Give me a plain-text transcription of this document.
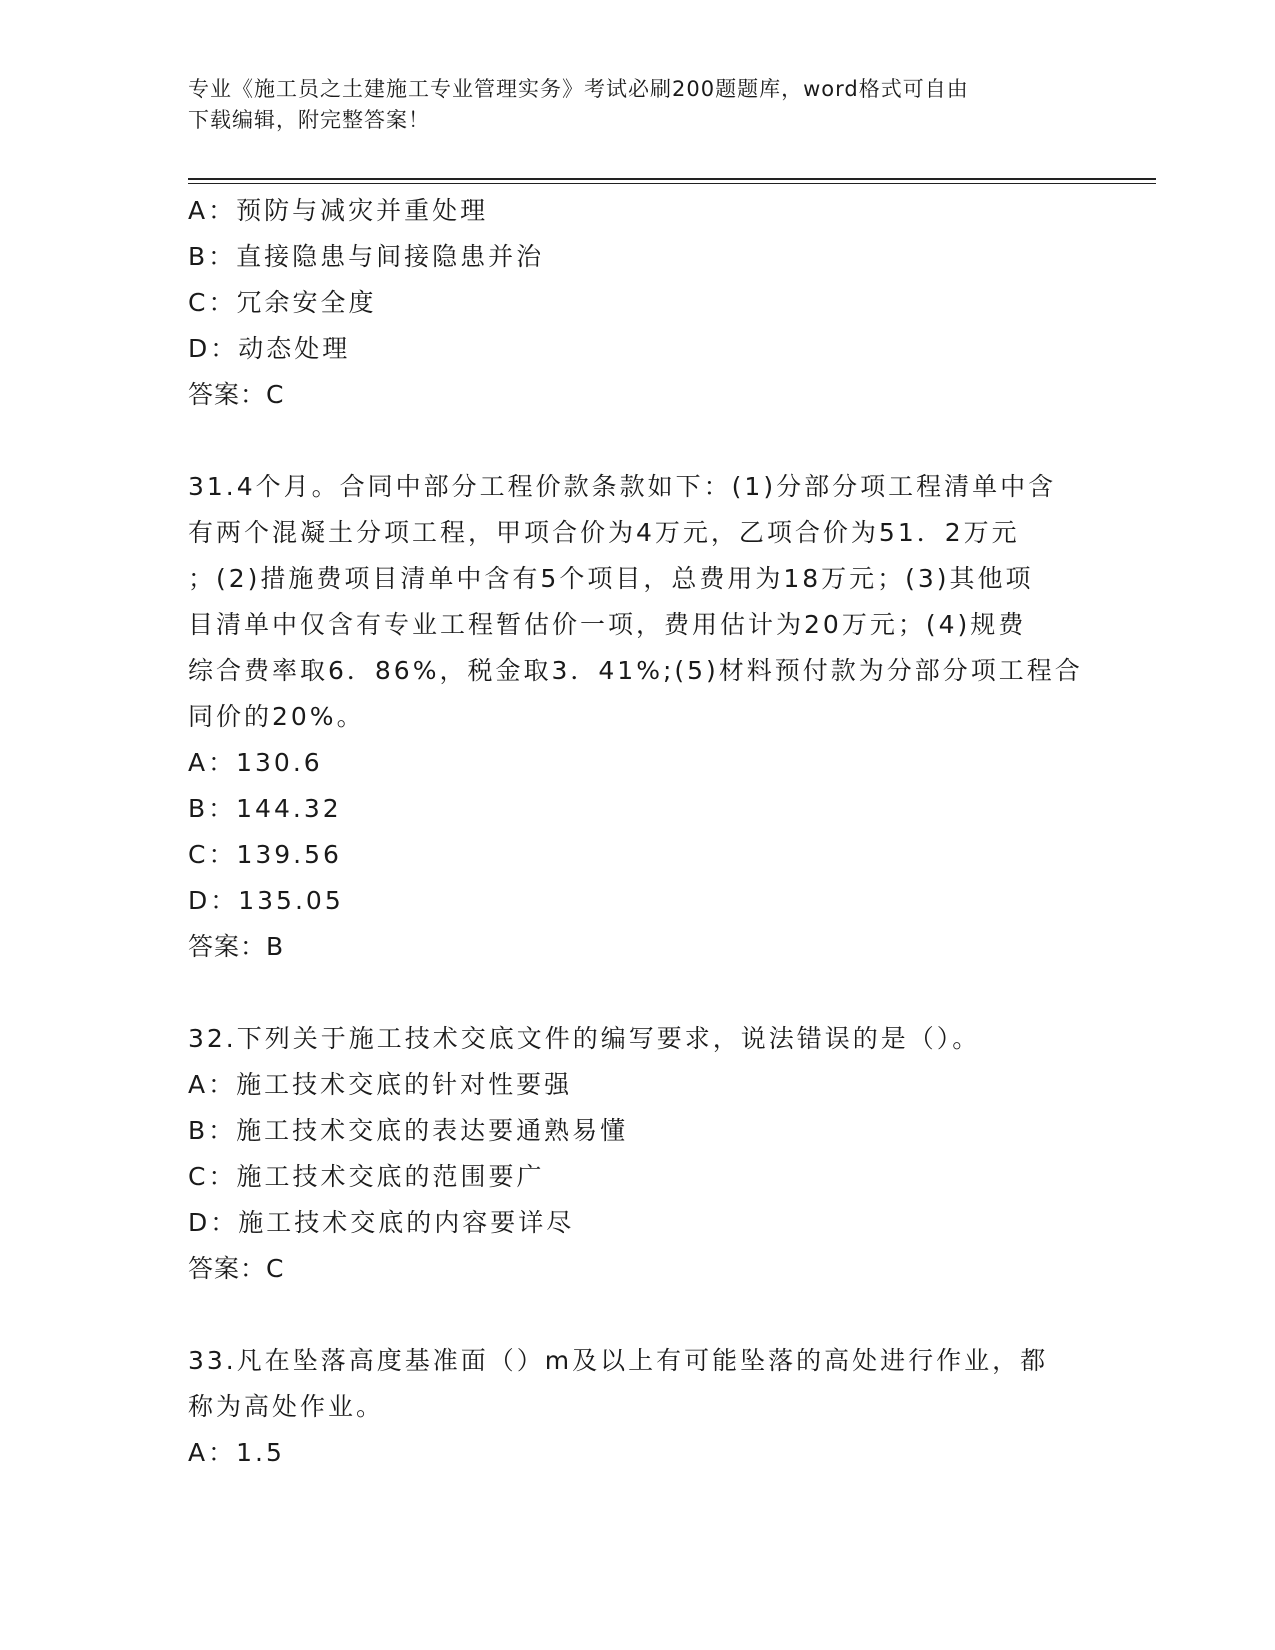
专业《施工员之土建施工专业管理实务》考试必刷200题题库，word格式可自由
下载编辑，附完整答案！
A：预防与减灾并重处理
B：直接隐患与间接隐患并治
C：冗余安全度
D：动态处理
答案：C
31.4个月。合同中部分工程价款条款如下：(1)分部分项工程清单中含
有两个混凝土分项工程，甲项合价为4万元，乙项合价为51．2万元
；(2)措施费项目清单中含有5个项目，总费用为18万元；(3)其他项
目清单中仅含有专业工程暂估价一项，费用估计为20万元；(4)规费
综合费率取6．86%，税金取3．41%;(5)材料预付款为分部分项工程合
同价的20%。
A：130.6
B：144.32
C：139.56
D：135.05
答案：B
32.下列关于施工技术交底文件的编写要求，说法错误的是（）。
A：施工技术交底的针对性要强
B：施工技术交底的表达要通熟易懂
C：施工技术交底的范围要广
D：施工技术交底的内容要详尽
答案：C
33.凡在坠落高度基准面（）m及以上有可能坠落的高处进行作业，都
称为高处作业。
A：1.5
